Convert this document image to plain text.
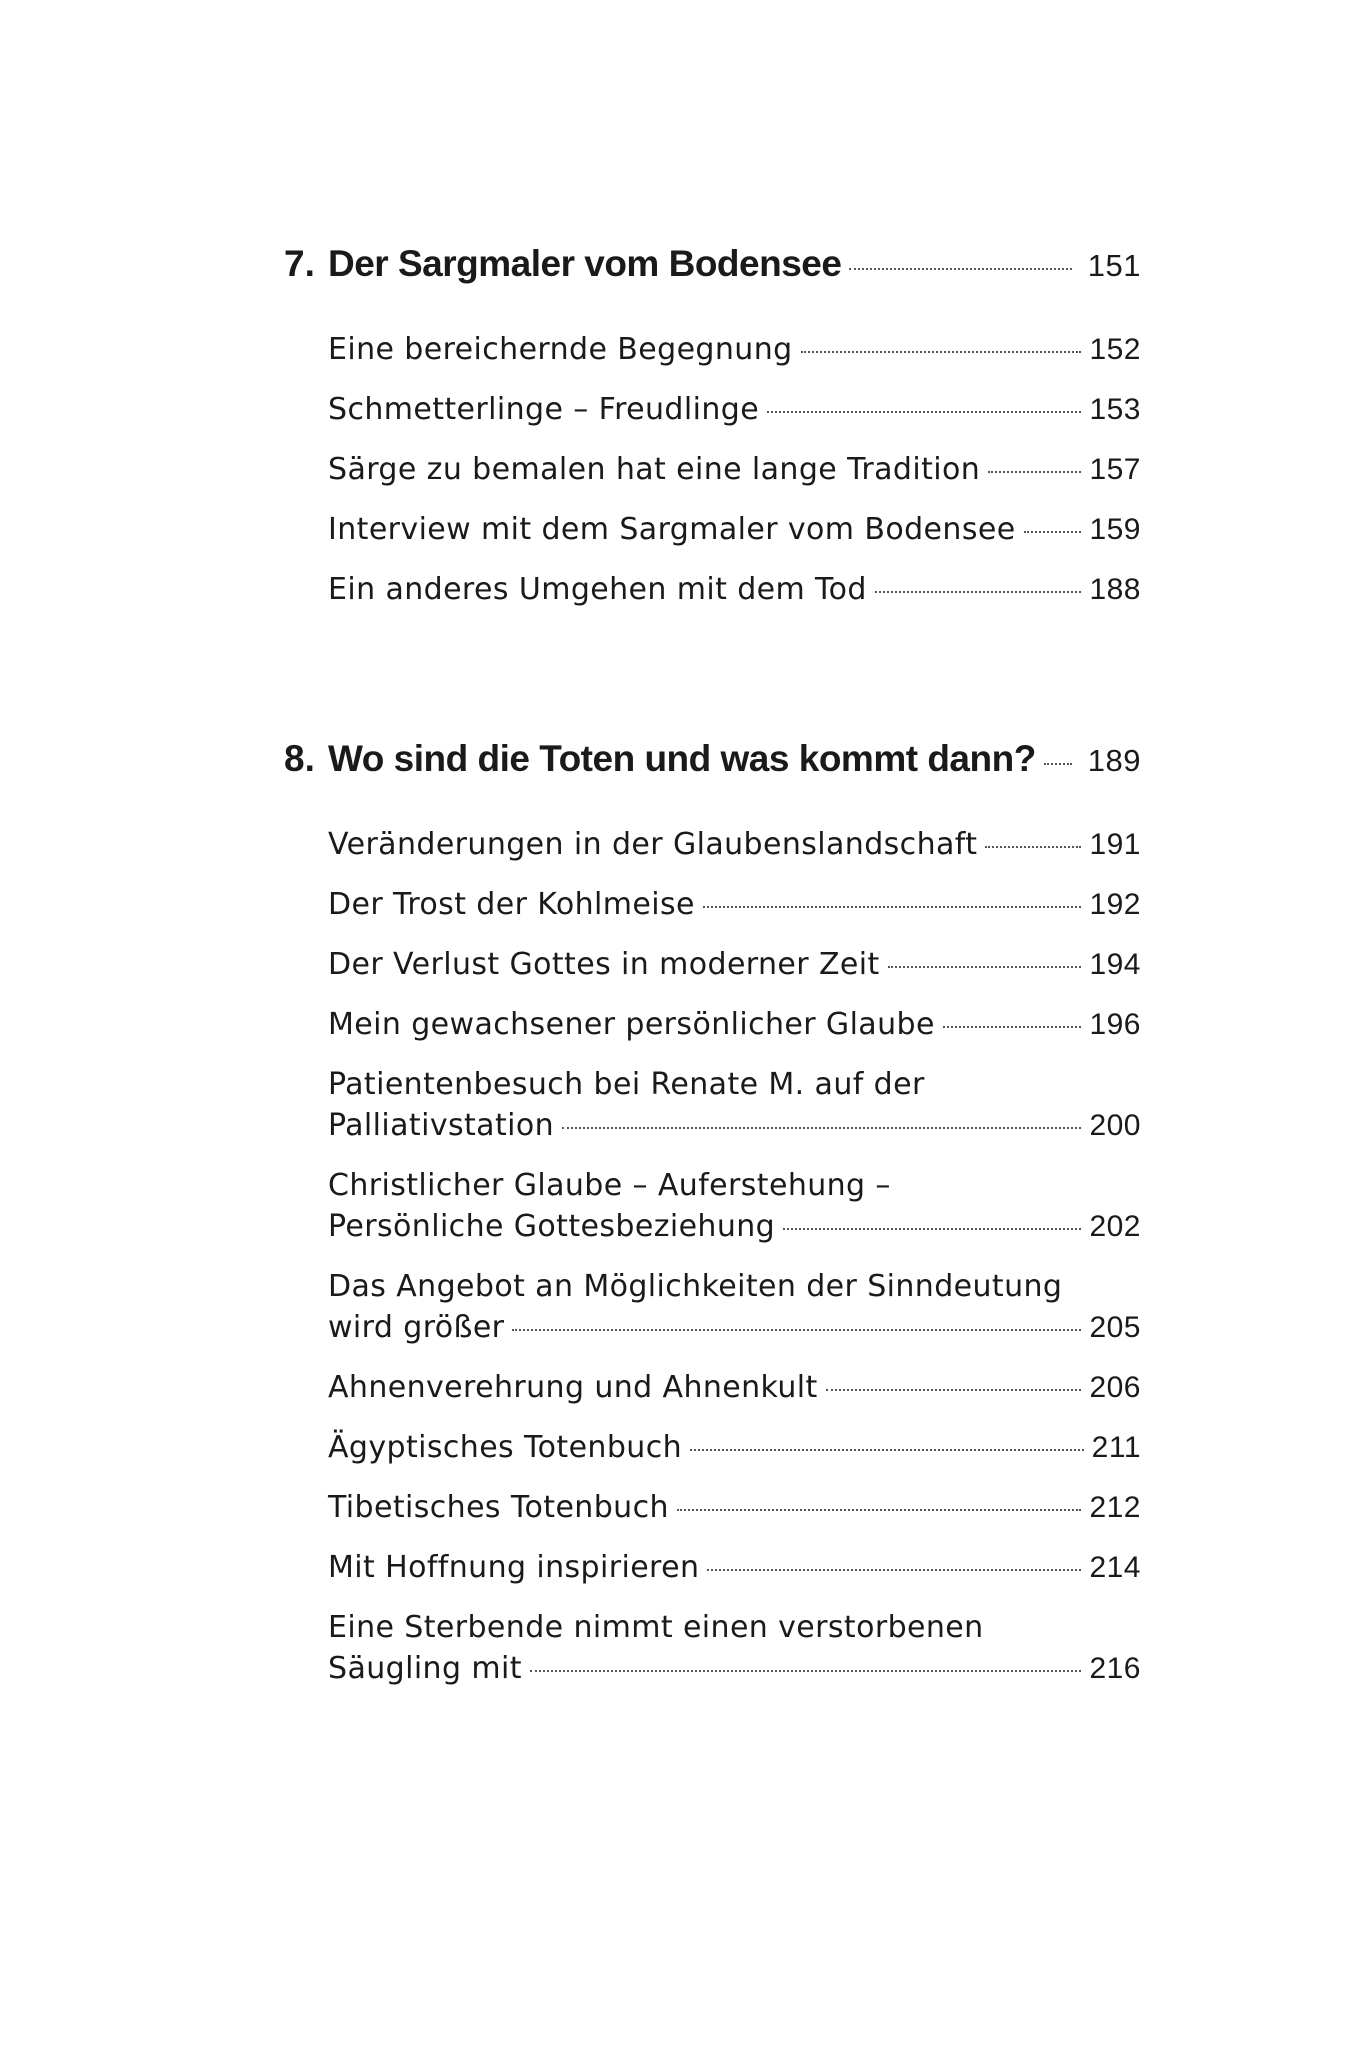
7. Der Sargmaler vom Bodensee	151
Eine bereichernde Begegnung	152
Schmetterlinge – Freudlinge	153
Särge zu bemalen hat eine lange Tradition	157
Interview mit dem Sargmaler vom Bodensee 159
Ein anderes Umgehen mit dem Tod	188
8. Wo sind die Toten und was kommt dann? 189
Veränderungen in der Glaubenslandschaft	191
Der Trost der Kohlmeise	192
Der Verlust Gottes in moderner Zeit	194
Mein gewachsener persönlicher Glaube	196
Patientenbesuch bei Renate M. auf der
Palliativstation	200
Christlicher Glaube – Auferstehung –
Persönliche Gottesbeziehung	202
Das Angebot an Möglichkeiten der Sinndeutung
wird größer	205
Ahnenverehrung und Ahnenkult	206
Ägyptisches Totenbuch	211
Tibetisches Totenbuch	212
Mit Hoffnung inspirieren	214
Eine Sterbende nimmt einen verstorbenen
Säugling mit	216
